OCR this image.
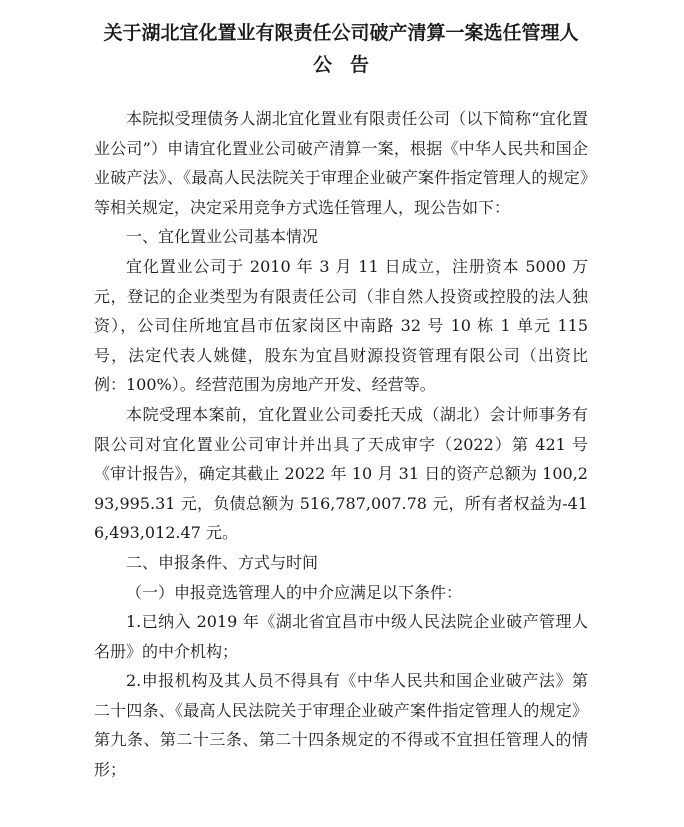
关于湖北宜化置业有限责任公司破产清算一案选任管理人
公告

本院拟受理债务人湖北宜化置业有限责任公司（以下简称“宜化置业公司”）申请宜化置业公司破产清算一案，根据《中华人民共和国企业破产法》、《最高人民法院关于审理企业破产案件指定管理人的规定》等相关规定，决定采用竞争方式选任管理人，现公告如下：

一、宜化置业公司基本情况

宜化置业公司于 2010 年 3 月 11 日成立，注册资本 5000 万元，登记的企业类型为有限责任公司（非自然人投资或控股的法人独资），公司住所地宜昌市伍家岗区中南路 32 号 10 栋 1 单元 115 号，法定代表人姚健，股东为宜昌财源投资管理有限公司（出资比例：100%）。经营范围为房地产开发、经营等。

本院受理本案前，宜化置业公司委托天成（湖北）会计师事务有限公司对宜化置业公司审计并出具了天成审字（2022）第 421 号《审计报告》，确定其截止 2022 年 10 月 31 日的资产总额为 100,293,995.31 元，负债总额为 516,787,007.78 元，所有者权益为-416,493,012.47 元。

二、申报条件、方式与时间

（一）申报竞选管理人的中介应满足以下条件：

1.已纳入 2019 年《湖北省宜昌市中级人民法院企业破产管理人名册》的中介机构；

2.申报机构及其人员不得具有《中华人民共和国企业破产法》第二十四条、《最高人民法院关于审理企业破产案件指定管理人的规定》第九条、第二十三条、第二十四条规定的不得或不宜担任管理人的情形；
